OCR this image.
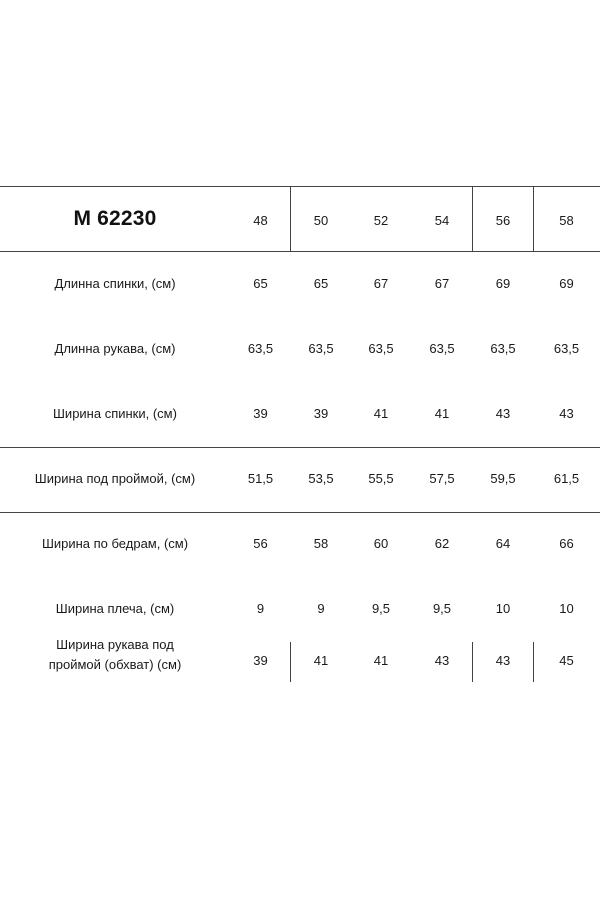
M 62230	48	50	52	54	56	58
Длинна спинки, (см)	65	65	67	67	69	69
Длинна рукава, (см)	63,5	63,5	63,5	63,5	63,5	63,5
Ширина спинки, (см)	39	39	41	41	43	43
Ширина под проймой, (см)	51,5	53,5	55,5	57,5	59,5	61,5
Ширина по бедрам, (см)	56	58	60	62	64	66
Ширина плеча, (см)	9	9	9,5	9,5	10	10
Ширина рукава под
проймой (обхват) (см)	39	41	41	43	43	45
